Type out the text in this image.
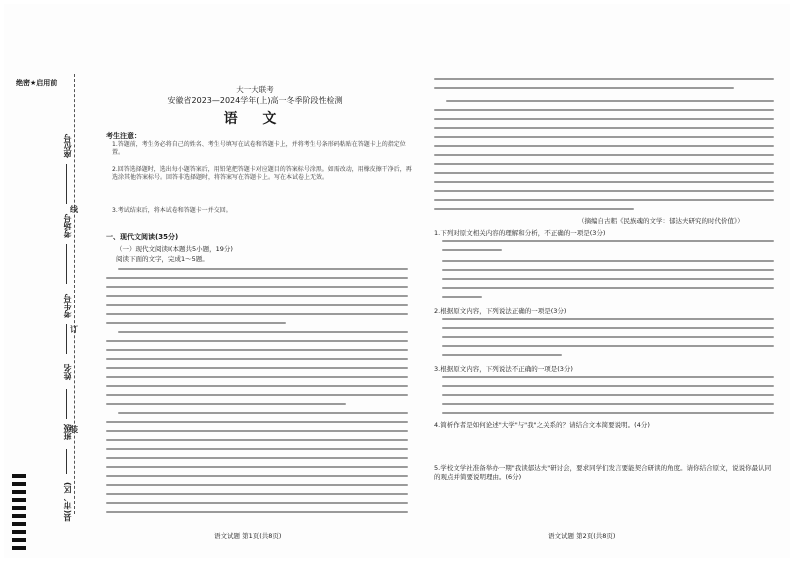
座位号
考场号
考生号
姓名
班级
县(市、区)
线
订
装
绝密★启用前
大一大联考
安徽省2023—2024学年(上)高一冬季阶段性检测
语 文
考生注意：
1.答题前，考生务必将自己的姓名、考生号填写在试卷和答题卡上，并将考生号条形码粘贴在答题卡上的指定位置。
2.回答选择题时，选出每小题答案后，用铅笔把答题卡对应题目的答案标号涂黑。如需改动，用橡皮擦干净后，再选涂其他答案标号。回答非选择题时，将答案写在答题卡上。写在本试卷上无效。
3.考试结束后，将本试卷和答题卡一并交回。
一、现代文阅读(35分)
（一）现代文阅读Ⅰ(本题共5小题，19分)
阅读下面的文字，完成1～5题。
语文试题 第1页(共8页)
（摘编自古耜《民族魂的文学：郁达夫研究的时代价值》）
1.下列对原文相关内容的理解和分析，不正确的一项是(3分)
2.根据原文内容，下列说法正确的一项是(3分)
3.根据原文内容，下列说法不正确的一项是(3分)
4.简析作者是如何论述"大学"与"我"之关系的？请结合文本简要说明。(4分)
5.学校文学社准备举办一期"我读郁达夫"研讨会，要求同学们发言要能契合研读的角度。请你结合原文，说说你最认同的观点并简要说明理由。(6分)
语文试题 第2页(共8页)
